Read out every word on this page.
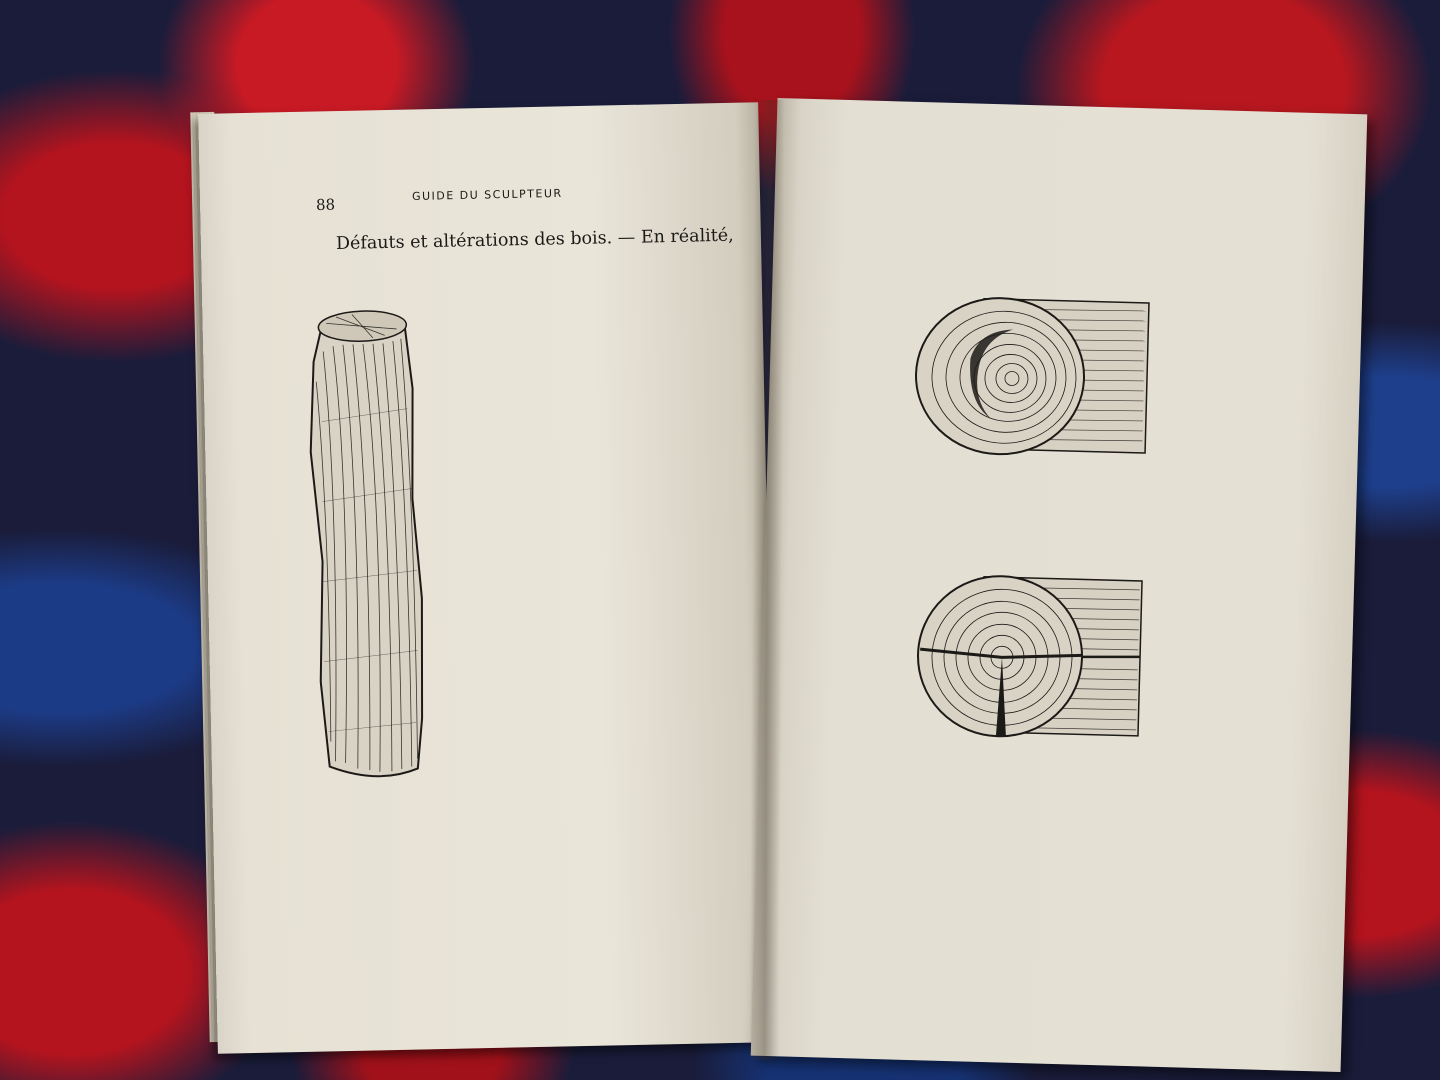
88
GUIDE DU SCULPTEUR
Défauts et altérations des bois. — En réalité,
